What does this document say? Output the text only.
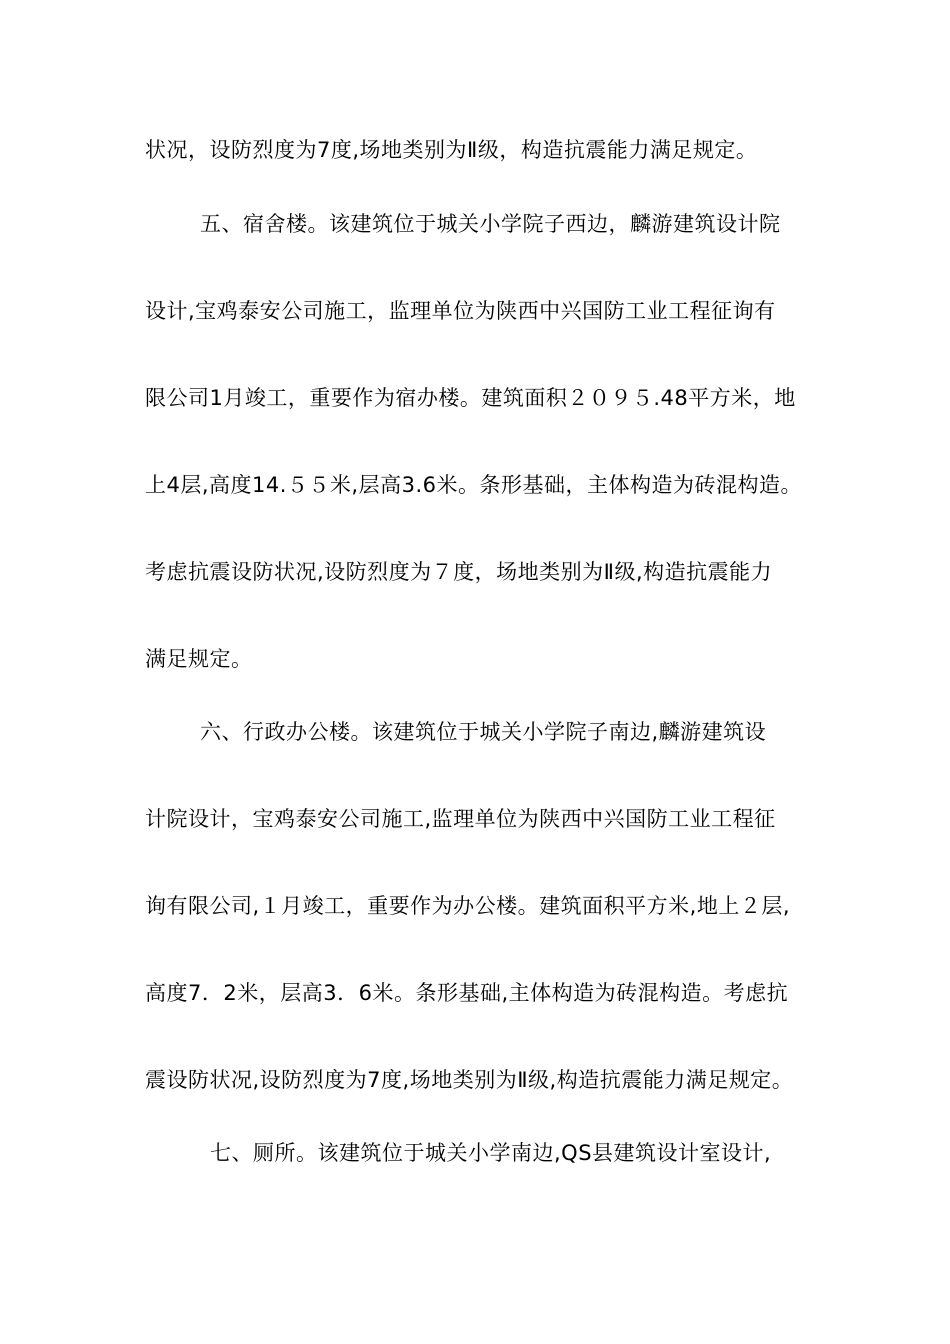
状况，设防烈度为7度,场地类别为Ⅱ级，构造抗震能力满足规定。
五、宿舍楼。该建筑位于城关小学院子西边，麟游建筑设计院
设计,宝鸡泰安公司施工，监理单位为陕西中兴国防工业工程征询有
限公司1月竣工，重要作为宿办楼。建筑面积２０９５.48平方米，地
上4层,高度14.５５米,层高3.6米。条形基础，主体构造为砖混构造。
考虑抗震设防状况,设防烈度为７度，场地类别为Ⅱ级,构造抗震能力
满足规定。
六、行政办公楼。该建筑位于城关小学院子南边,麟游建筑设
计院设计，宝鸡泰安公司施工,监理单位为陕西中兴国防工业工程征
询有限公司,１月竣工，重要作为办公楼。建筑面积平方米,地上２层,
高度7．2米，层高3．6米。条形基础,主体构造为砖混构造。考虑抗
震设防状况,设防烈度为7度,场地类别为Ⅱ级,构造抗震能力满足规定。
七、厕所。该建筑位于城关小学南边,QS县建筑设计室设计,
